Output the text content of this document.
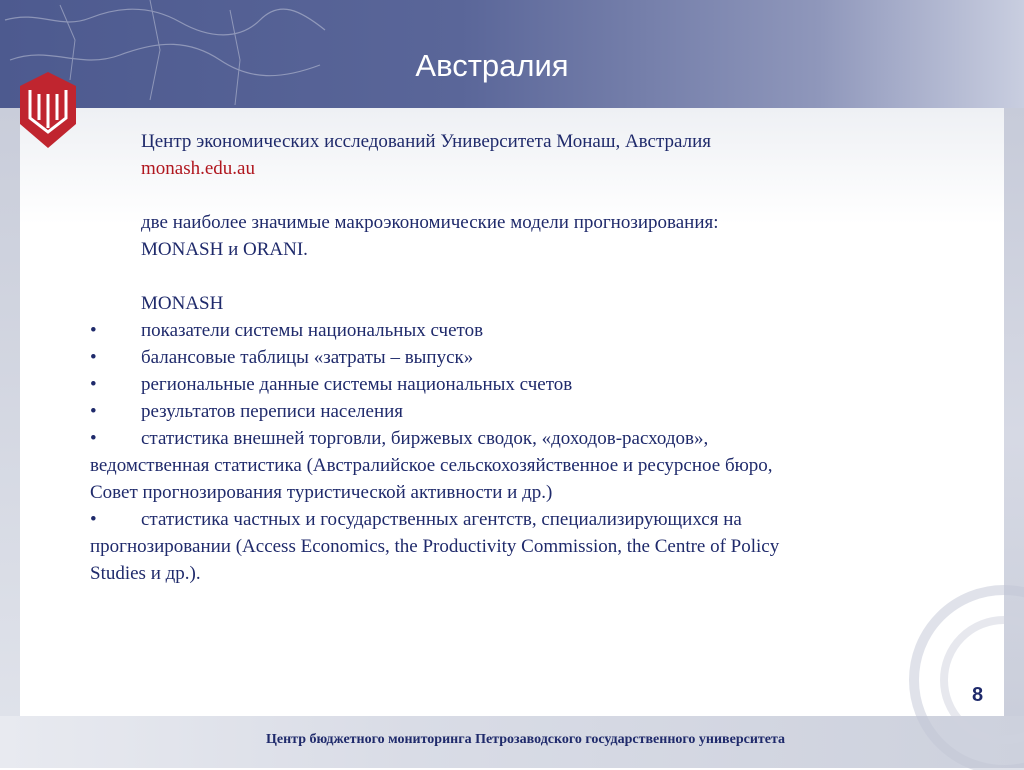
Австралия
Центр экономических исследований Университета Монаш, Австралия
monash.edu.au
две наиболее значимые макроэкономические модели прогнозирования:
MONASH и ORANI.
MONASH
• показатели системы национальных счетов
• балансовые таблицы «затраты – выпуск»
• региональные данные системы национальных счетов
• результатов переписи населения
• статистика внешней торговли, биржевых сводок, «доходов-расходов»,
ведомственная статистика (Австралийское сельскохозяйственное и ресурсное бюро,
Совет прогнозирования туристической активности и др.)
• статистика частных и государственных агентств, специализирующихся на
прогнозировании (Access Economics, the Productivity Commission, the Centre of Policy
Studies и др.).
8
Центр бюджетного мониторинга Петрозаводского государственного университета
